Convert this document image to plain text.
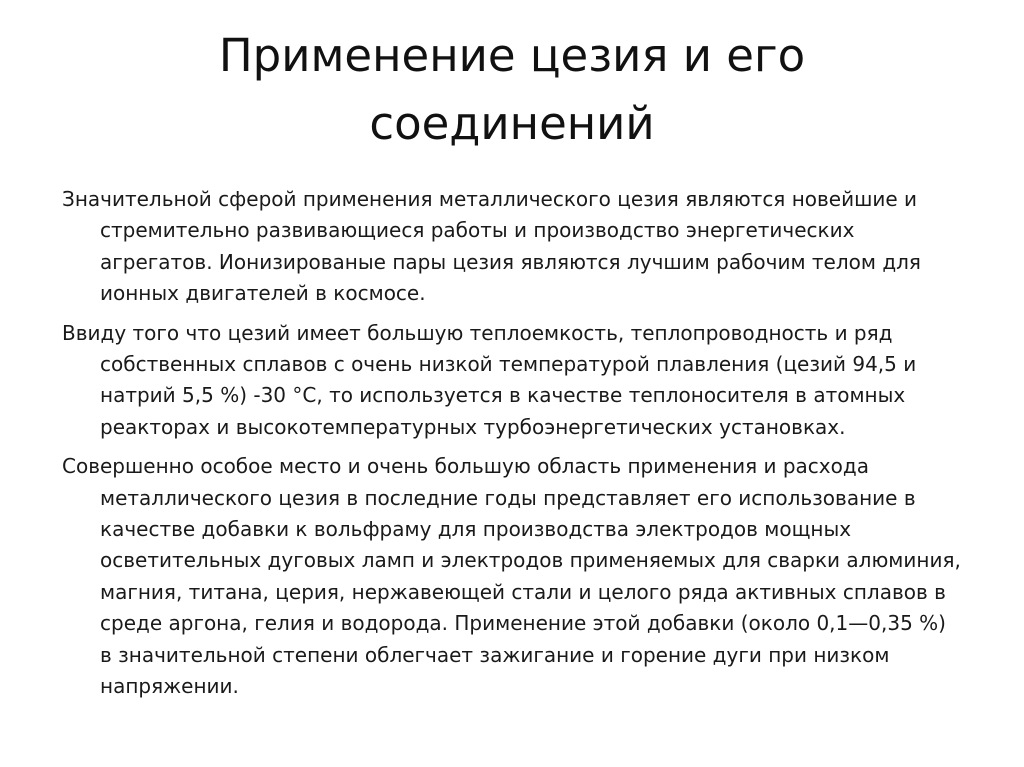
Применение цезия и его
соединений

Значительной сферой применения металлического цезия являются новейшие и стремительно развивающиеся работы и производство энергетических агрегатов. Ионизированые пары цезия являются лучшим рабочим телом для ионных двигателей в космосе.

Ввиду того что цезий имеет большую теплоемкость, теплопроводность и ряд собственных сплавов с очень низкой температурой плавления (цезий 94,5 и натрий 5,5 %) -30 °С, то используется в качестве теплоносителя в атомных реакторах и высокотемпературных турбоэнергетических установках.

Совершенно особое место и очень большую область применения и расхода металлического цезия в последние годы представляет его использование в качестве добавки к вольфраму для производства электродов мощных осветительных дуговых ламп и электродов применяемых для сварки алюминия, магния, титана, церия, нержавеющей стали и целого ряда активных сплавов в среде аргона, гелия и водорода. Применение этой добавки (около 0,1—0,35 %) в значительной степени облегчает зажигание и горение дуги при низком напряжении.
